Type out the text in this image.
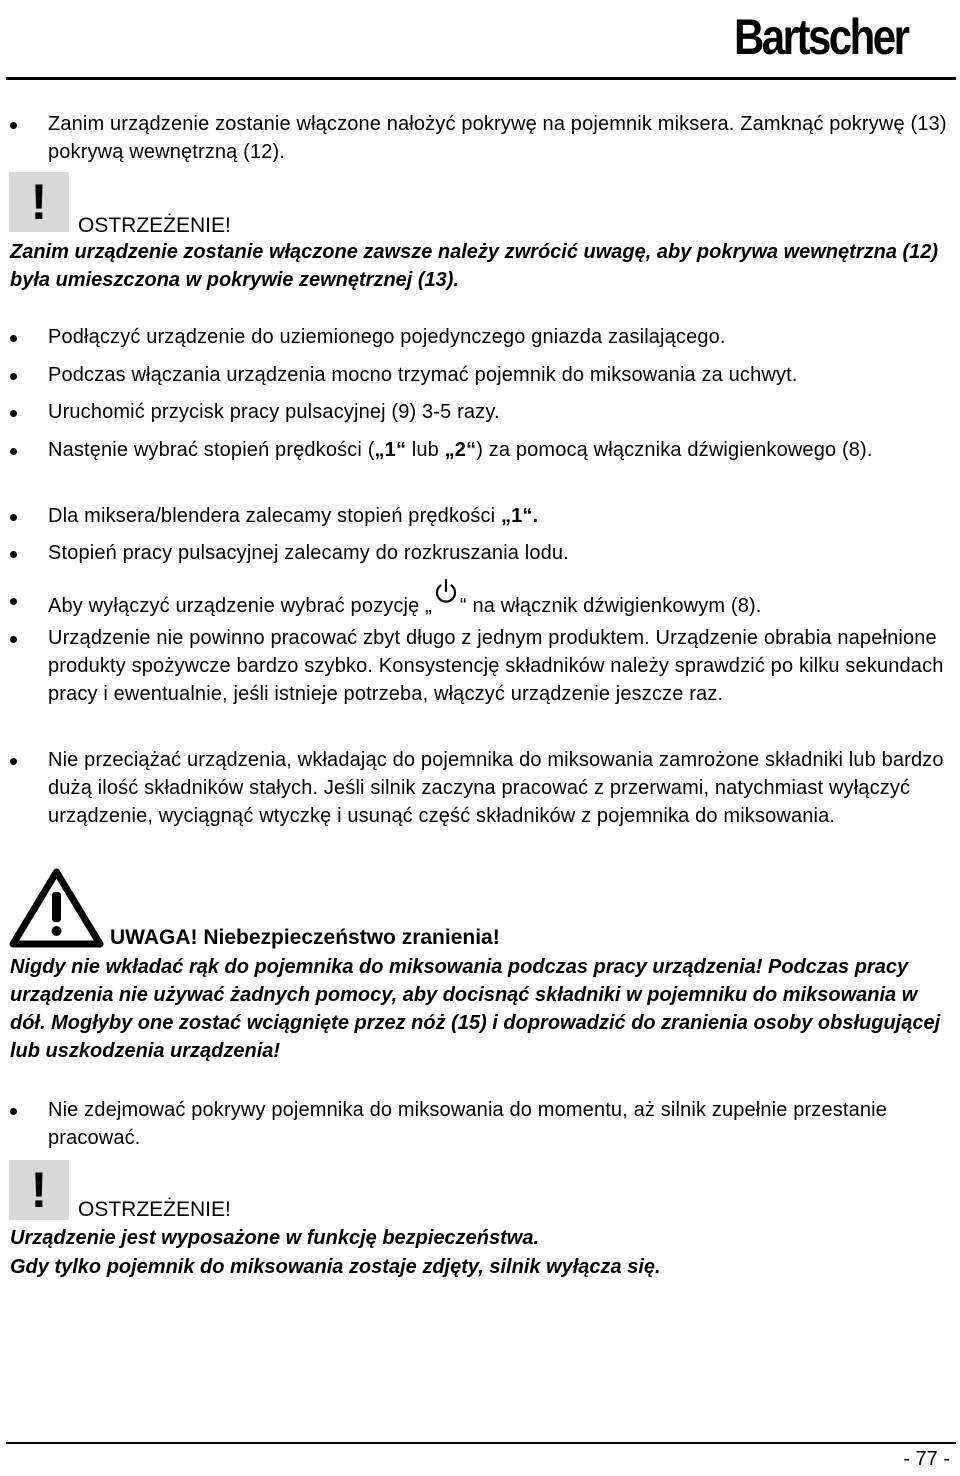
Bartscher
Zanim urządzenie zostanie włączone nałożyć pokrywę na pojemnik miksera. Zamknąć pokrywę (13) pokrywą wewnętrzną (12).
!	OSTRZEŻENIE!
Zanim urządzenie zostanie włączone zawsze należy zwrócić uwagę, aby pokrywa wewnętrzna (12) była umieszczona w pokrywie zewnętrznej (13).
Podłączyć urządzenie do uziemionego pojedynczego gniazda zasilającego.
Podczas włączania urządzenia mocno trzymać pojemnik do miksowania za uchwyt.
Uruchomić przycisk pracy pulsacyjnej (9) 3-5 razy.
Nastęnie wybrać stopień prędkości („1“ lub „2“) za pomocą włącznika dźwigienkowego (8).
Dla miksera/blendera zalecamy stopień prędkości „1“.
Stopień pracy pulsacyjnej zalecamy do rozkruszania lodu.
Aby wyłączyć urządzenie wybrać pozycję „ “ na włącznik dźwigienkowym (8).
Urządzenie nie powinno pracować zbyt długo z jednym produktem. Urządzenie obrabia napełnione produkty spożywcze bardzo szybko. Konsystencję składników należy sprawdzić po kilku sekundach pracy i ewentualnie, jeśli istnieje potrzeba, włączyć urządzenie jeszcze raz.
Nie przeciążać urządzenia, wkładając do pojemnika do miksowania zamrożone składniki lub bardzo dużą ilość składników stałych. Jeśli silnik zaczyna pracować z przerwami, natychmiast wyłączyć urządzenie, wyciągnąć wtyczkę i usunąć część składników z pojemnika do miksowania.
UWAGA! Niebezpieczeństwo zranienia!
Nigdy nie wkładać rąk do pojemnika do miksowania podczas pracy urządzenia! Podczas pracy urządzenia nie używać żadnych pomocy, aby docisnąć składniki w pojemniku do miksowania w dół. Mogłyby one zostać wciągnięte przez nóż (15) i doprowadzić do zranienia osoby obsługującej lub uszkodzenia urządzenia!
Nie zdejmować pokrywy pojemnika do miksowania do momentu, aż silnik zupełnie przestanie pracować.
!	OSTRZEŻENIE!
Urządzenie jest wyposażone w funkcję bezpieczeństwa.
Gdy tylko pojemnik do miksowania zostaje zdjęty, silnik wyłącza się.
- 77 -
